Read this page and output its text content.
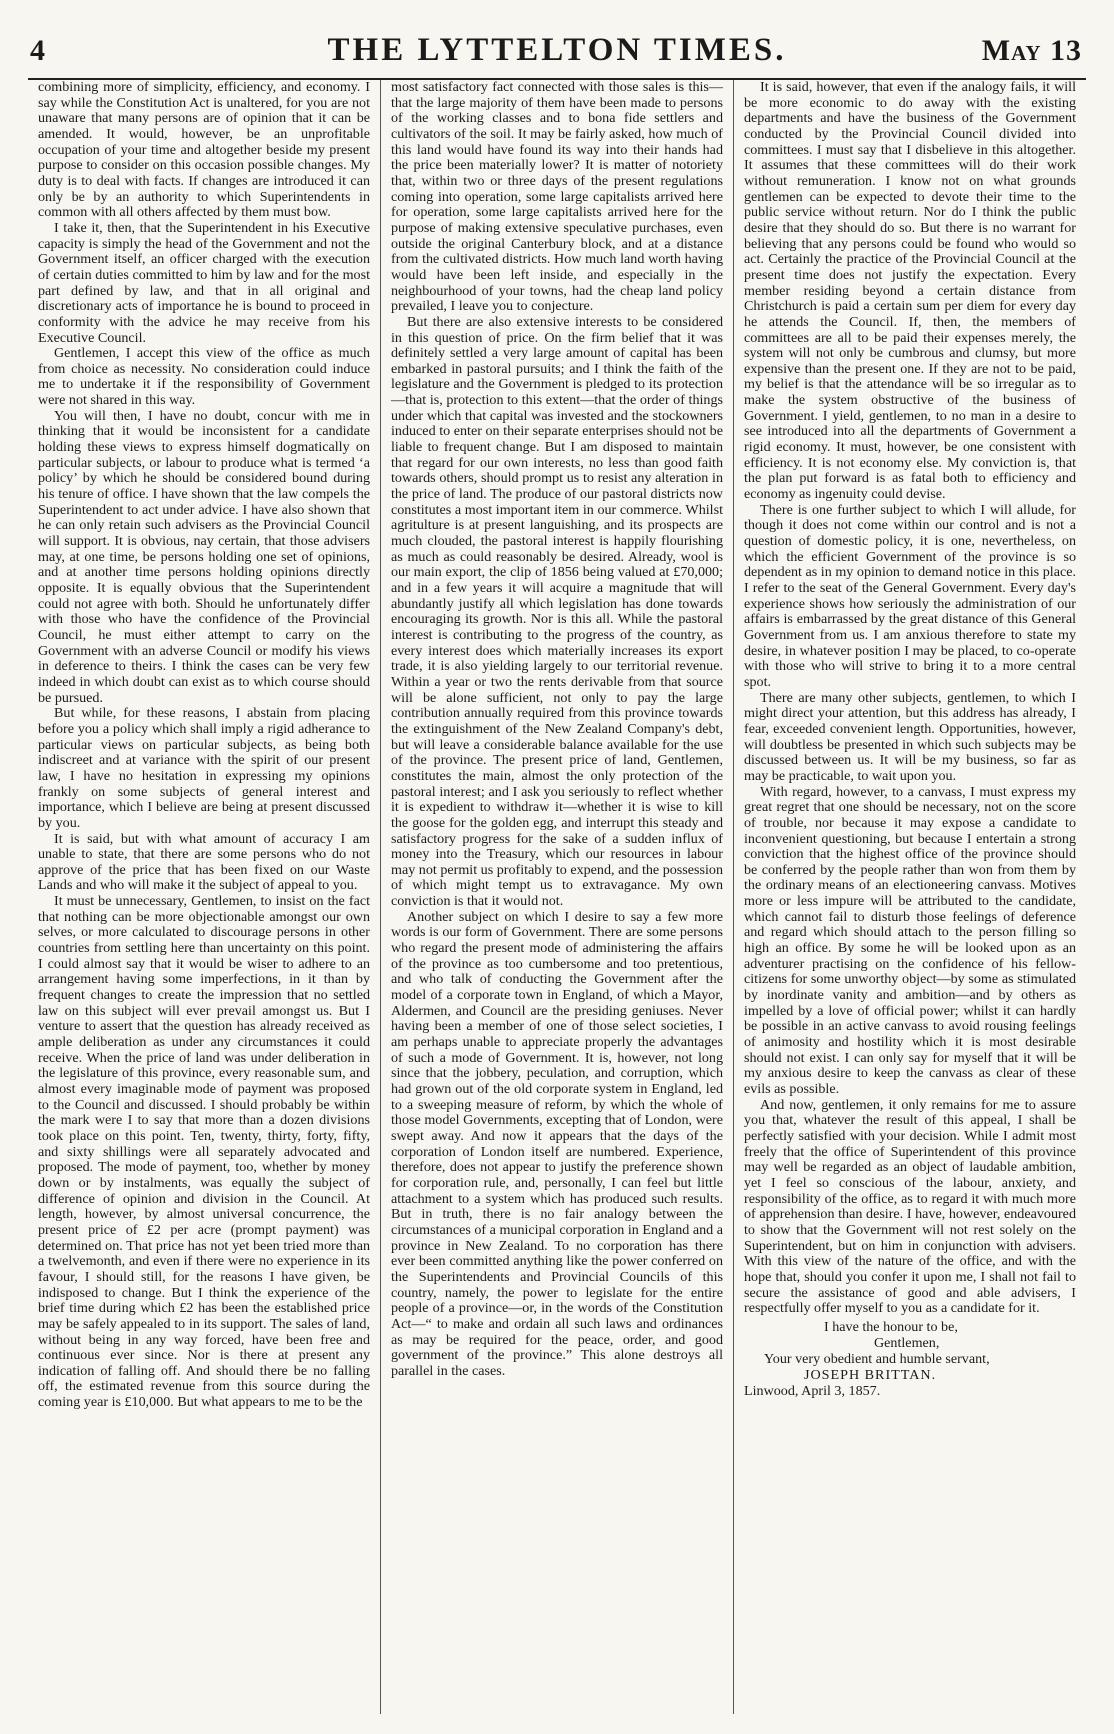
4	THE LYTTELTON TIMES.	May 13

combining more of simplicity, efficiency, and economy. I say while the Constitution Act is unaltered, for you are not unaware that many persons are of opinion that it can be amended. It would, however, be an unprofitable occupation of your time and altogether beside my present purpose to consider on this occasion possible changes. My duty is to deal with facts. If changes are introduced it can only be by an authority to which Superintendents in common with all others affected by them must bow.

I take it, then, that the Superintendent in his Executive capacity is simply the head of the Government and not the Government itself, an officer charged with the execution of certain duties committed to him by law and for the most part defined by law, and that in all original and discretionary acts of importance he is bound to proceed in conformity with the advice he may receive from his Executive Council.

Gentlemen, I accept this view of the office as much from choice as necessity. No consideration could induce me to undertake it if the responsibility of Government were not shared in this way.

You will then, I have no doubt, concur with me in thinking that it would be inconsistent for a candidate holding these views to express himself dogmatically on particular subjects, or labour to produce what is termed ‘a policy’ by which he should be considered bound during his tenure of office. I have shown that the law compels the Superintendent to act under advice. I have also shown that he can only retain such advisers as the Provincial Council will support. It is obvious, nay certain, that those advisers may, at one time, be persons holding one set of opinions, and at another time persons holding opinions directly opposite. It is equally obvious that the Superintendent could not agree with both. Should he unfortunately differ with those who have the confidence of the Provincial Council, he must either attempt to carry on the Government with an adverse Council or modify his views in deference to theirs. I think the cases can be very few indeed in which doubt can exist as to which course should be pursued.

But while, for these reasons, I abstain from placing before you a policy which shall imply a rigid adherance to particular views on particular subjects, as being both indiscreet and at variance with the spirit of our present law, I have no hesitation in expressing my opinions frankly on some subjects of general interest and importance, which I believe are being at present discussed by you.

It is said, but with what amount of accuracy I am unable to state, that there are some persons who do not approve of the price that has been fixed on our Waste Lands and who will make it the subject of appeal to you.

It must be unnecessary, Gentlemen, to insist on the fact that nothing can be more objectionable amongst our own selves, or more calculated to discourage persons in other countries from settling here than uncertainty on this point. I could almost say that it would be wiser to adhere to an arrangement having some imperfections, in it than by frequent changes to create the impression that no settled law on this subject will ever prevail amongst us. But I venture to assert that the question has already received as ample deliberation as under any circumstances it could receive. When the price of land was under deliberation in the legislature of this province, every reasonable sum, and almost every imaginable mode of payment was proposed to the Council and discussed. I should probably be within the mark were I to say that more than a dozen divisions took place on this point. Ten, twenty, thirty, forty, fifty, and sixty shillings were all separately advocated and proposed. The mode of payment, too, whether by money down or by instalments, was equally the subject of difference of opinion and division in the Council. At length, however, by almost universal concurrence, the present price of £2 per acre (prompt payment) was determined on. That price has not yet been tried more than a twelvemonth, and even if there were no experience in its favour, I should still, for the reasons I have given, be indisposed to change. But I think the experience of the brief time during which £2 has been the established price may be safely appealed to in its support. The sales of land, without being in any way forced, have been free and continuous ever since. Nor is there at present any indication of falling off. And should there be no falling off, the estimated revenue from this source during the coming year is £10,000. But what appears to me to be the

most satisfactory fact connected with those sales is this—that the large majority of them have been made to persons of the working classes and to bona fide settlers and cultivators of the soil. It may be fairly asked, how much of this land would have found its way into their hands had the price been materially lower? It is matter of notoriety that, within two or three days of the present regulations coming into operation, some large capitalists arrived here for operation, some large capitalists arrived here for the purpose of making extensive speculative purchases, even outside the original Canterbury block, and at a distance from the cultivated districts. How much land worth having would have been left inside, and especially in the neighbourhood of your towns, had the cheap land policy prevailed, I leave you to conjecture.

But there are also extensive interests to be considered in this question of price. On the firm belief that it was definitely settled a very large amount of capital has been embarked in pastoral pursuits; and I think the faith of the legislature and the Government is pledged to its protection—that is, protection to this extent—that the order of things under which that capital was invested and the stockowners induced to enter on their separate enterprises should not be liable to frequent change. But I am disposed to maintain that regard for our own interests, no less than good faith towards others, should prompt us to resist any alteration in the price of land. The produce of our pastoral districts now constitutes a most important item in our commerce. Whilst agritulture is at present languishing, and its prospects are much clouded, the pastoral interest is happily flourishing as much as could reasonably be desired. Already, wool is our main export, the clip of 1856 being valued at £70,000; and in a few years it will acquire a magnitude that will abundantly justify all which legislation has done towards encouraging its growth. Nor is this all. While the pastoral interest is contributing to the progress of the country, as every interest does which materially increases its export trade, it is also yielding largely to our territorial revenue. Within a year or two the rents derivable from that source will be alone sufficient, not only to pay the large contribution annually required from this province towards the extinguishment of the New Zealand Company's debt, but will leave a considerable balance available for the use of the province. The present price of land, Gentlemen, constitutes the main, almost the only protection of the pastoral interest; and I ask you seriously to reflect whether it is expedient to withdraw it—whether it is wise to kill the goose for the golden egg, and interrupt this steady and satisfactory progress for the sake of a sudden influx of money into the Treasury, which our resources in labour may not permit us profitably to expend, and the possession of which might tempt us to extravagance. My own conviction is that it would not.

Another subject on which I desire to say a few more words is our form of Government. There are some persons who regard the present mode of administering the affairs of the province as too cumbersome and too pretentious, and who talk of conducting the Government after the model of a corporate town in England, of which a Mayor, Aldermen, and Council are the presiding geniuses. Never having been a member of one of those select societies, I am perhaps unable to appreciate properly the advantages of such a mode of Government. It is, however, not long since that the jobbery, peculation, and corruption, which had grown out of the old corporate system in England, led to a sweeping measure of reform, by which the whole of those model Governments, excepting that of London, were swept away. And now it appears that the days of the corporation of London itself are numbered. Experience, therefore, does not appear to justify the preference shown for corporation rule, and, personally, I can feel but little attachment to a system which has produced such results. But in truth, there is no fair analogy between the circumstances of a municipal corporation in England and a province in New Zealand. To no corporation has there ever been committed anything like the power conferred on the Superintendents and Provincial Councils of this country, namely, the power to legislate for the entire people of a province—or, in the words of the Constitution Act—“ to make and ordain all such laws and ordinances as may be required for the peace, order, and good government of the province.” This alone destroys all parallel in the cases.

It is said, however, that even if the analogy fails, it will be more economic to do away with the existing departments and have the business of the Government conducted by the Provincial Council divided into committees. I must say that I disbelieve in this altogether. It assumes that these committees will do their work without remuneration. I know not on what grounds gentlemen can be expected to devote their time to the public service without return. Nor do I think the public desire that they should do so. But there is no warrant for believing that any persons could be found who would so act. Certainly the practice of the Provincial Council at the present time does not justify the expectation. Every member residing beyond a certain distance from Christchurch is paid a certain sum per diem for every day he attends the Council. If, then, the members of committees are all to be paid their expenses merely, the system will not only be cumbrous and clumsy, but more expensive than the present one. If they are not to be paid, my belief is that the attendance will be so irregular as to make the system obstructive of the business of Government. I yield, gentlemen, to no man in a desire to see introduced into all the departments of Government a rigid economy. It must, however, be one consistent with efficiency. It is not economy else. My conviction is, that the plan put forward is as fatal both to efficiency and economy as ingenuity could devise.

There is one further subject to which I will allude, for though it does not come within our control and is not a question of domestic policy, it is one, nevertheless, on which the efficient Government of the province is so dependent as in my opinion to demand notice in this place. I refer to the seat of the General Government. Every day's experience shows how seriously the administration of our affairs is embarrassed by the great distance of this General Government from us. I am anxious therefore to state my desire, in whatever position I may be placed, to co-operate with those who will strive to bring it to a more central spot.

There are many other subjects, gentlemen, to which I might direct your attention, but this address has already, I fear, exceeded convenient length. Opportunities, however, will doubtless be presented in which such subjects may be discussed between us. It will be my business, so far as may be practicable, to wait upon you.

With regard, however, to a canvass, I must express my great regret that one should be necessary, not on the score of trouble, nor because it may expose a candidate to inconvenient questioning, but because I entertain a strong conviction that the highest office of the province should be conferred by the people rather than won from them by the ordinary means of an electioneering canvass. Motives more or less impure will be attributed to the candidate, which cannot fail to disturb those feelings of deference and regard which should attach to the person filling so high an office. By some he will be looked upon as an adventurer practising on the confidence of his fellow-citizens for some unworthy object—by some as stimulated by inordinate vanity and ambition—and by others as impelled by a love of official power; whilst it can hardly be possible in an active canvass to avoid rousing feelings of animosity and hostility which it is most desirable should not exist. I can only say for myself that it will be my anxious desire to keep the canvass as clear of these evils as possible.

And now, gentlemen, it only remains for me to assure you that, whatever the result of this appeal, I shall be perfectly satisfied with your decision. While I admit most freely that the office of Superintendent of this province may well be regarded as an object of laudable ambition, yet I feel so conscious of the labour, anxiety, and responsibility of the office, as to regard it with much more of apprehension than desire. I have, however, endeavoured to show that the Government will not rest solely on the Superintendent, but on him in conjunction with advisers. With this view of the nature of the office, and with the hope that, should you confer it upon me, I shall not fail to secure the assistance of good and able advisers, I respectfully offer myself to you as a candidate for it.

I have the honour to be,
Gentlemen,
Your very obedient and humble servant,
JOSEPH BRITTAN.
Linwood, April 3, 1857.
